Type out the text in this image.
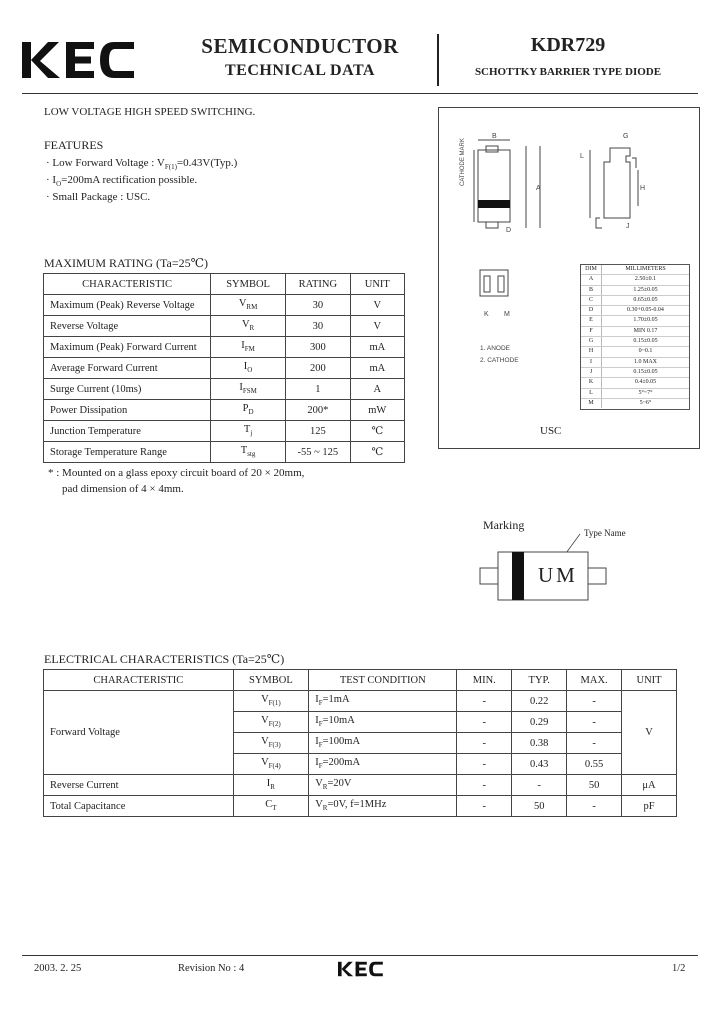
SEMICONDUCTOR
TECHNICAL DATA
KDR729
SCHOTTKY BARRIER TYPE DIODE
LOW VOLTAGE HIGH SPEED SWITCHING.
FEATURES
· Low Forward Voltage : $V_{F(1)}=0.43V(Typ.)$
· $I_O=200mA$ rectification possible.
· Small Package : USC.
MAXIMUM RATING (Ta=25℃)
CHARACTERISTIC	SYMBOL	RATING	UNIT
Maximum (Peak) Reverse Voltage	$V_{RM}$	30	V
Reverse Voltage	$V_R$	30	V
Maximum (Peak) Forward Current	$I_{FM}$	300	mA
Average Forward Current	$I_O$	200	mA
Surge Current (10ms)	$I_{FSM}$	1	A
Power Dissipation	$P_D$	200*	mW
Junction Temperature	$T_j$	125	℃
Storage Temperature Range	$T_{stg}$	-55 ~ 125	℃
* : Mounted on a glass epoxy circuit board of 20 × 20mm,
pad dimension of 4 × 4mm.
CATHODE MARK
B
A
D
G
L
H
J
K M
1. ANODE
2. CATHODE
DIM	MILLIMETERS
A	2.50±0.1
B	1.25±0.05
C	0.65±0.05
D	0.30+0.05-0.04
E	1.70±0.05
F	MIN 0.17
G	0.15±0.05
H	0~0.1
I	1.0 MAX
J	0.15±0.05
K	0.4±0.05
L	5°~7°
M	5~6°
USC
Marking
Type Name
UM
ELECTRICAL CHARACTERISTICS (Ta=25℃)
CHARACTERISTIC	SYMBOL	TEST CONDITION	MIN.	TYP.	MAX.	UNIT
Forward Voltage	$V_{F(1)}$	$I_F=1mA$	-	0.22	-	V
	$V_{F(2)}$	$I_F=10mA$	-	0.29	-	
	$V_{F(3)}$	$I_F=100mA$	-	0.38	-	
	$V_{F(4)}$	$I_F=200mA$	-	0.43	0.55	
Reverse Current	$I_R$	$V_R=20V$	-	-	50	μA
Total Capacitance	$C_T$	$V_R=0V$, f=1MHz	-	50	-	pF
2003. 2. 25	Revision No : 4	1/2
